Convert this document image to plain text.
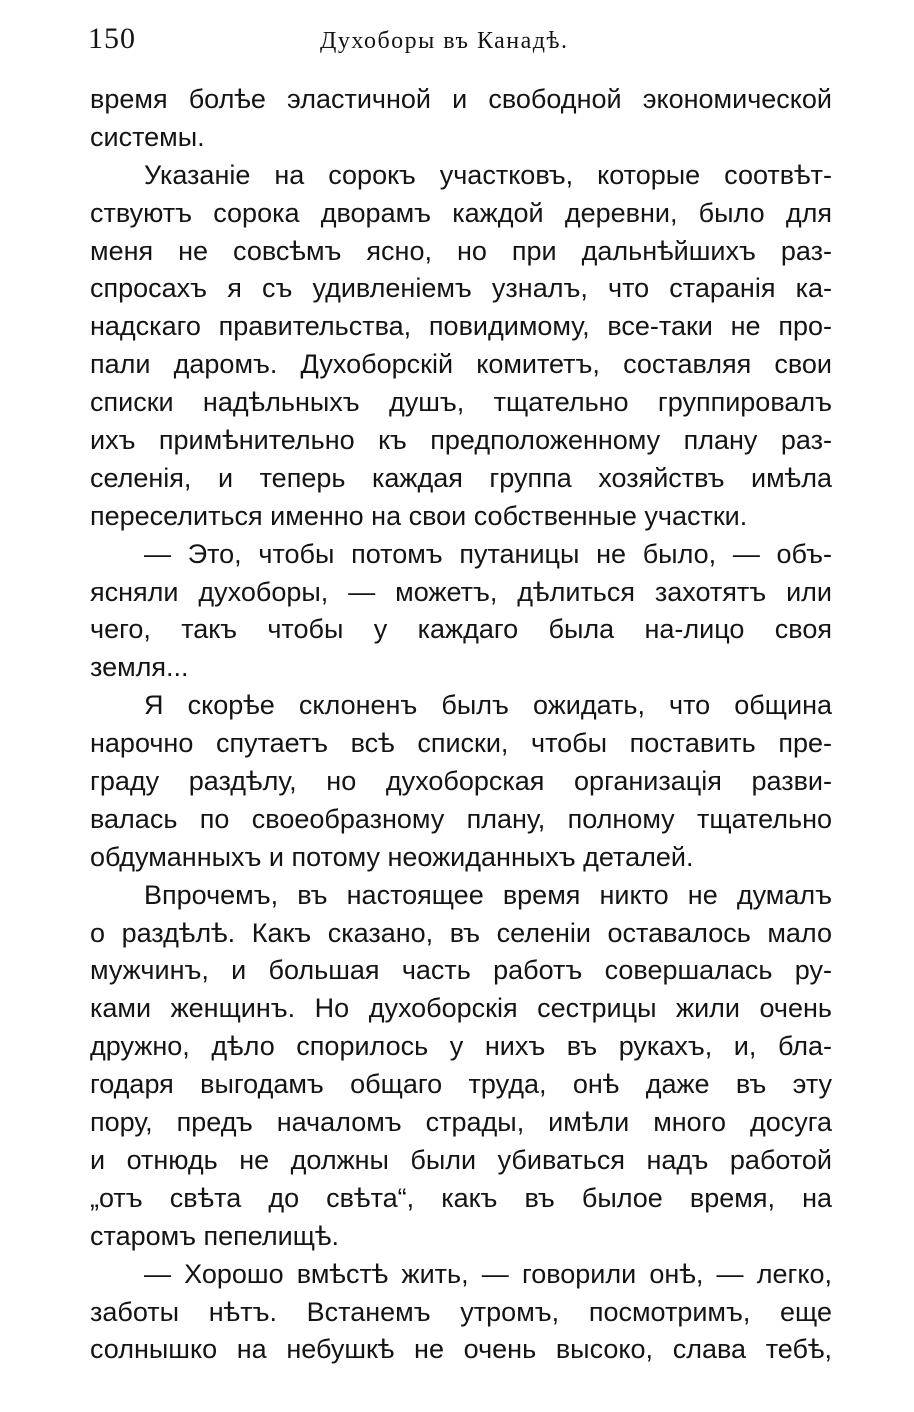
150	Духоборы въ Канадѣ.
время болѣе эластичной и свободной экономической
системы.
Указаніе на сорокъ участковъ, которые соотвѣт-
ствуютъ сорока дворамъ каждой деревни, было для
меня не совсѣмъ ясно, но при дальнѣйшихъ раз-
спросахъ я съ удивленіемъ узналъ, что старанія ка-
надскаго правительства, повидимому, все-таки не про-
пали даромъ. Духоборскій комитетъ, составляя свои
списки надѣльныхъ душъ, тщательно группировалъ
ихъ примѣнительно къ предположенному плану раз-
селенія, и теперь каждая группа хозяйствъ имѣла
переселиться именно на свои собственные участки.
— Это, чтобы потомъ путаницы не было, — объ-
ясняли духоборы, — можетъ, дѣлиться захотятъ или
чего, такъ чтобы у каждаго была на-лицо своя
земля...
Я скорѣе склоненъ былъ ожидать, что община
нарочно спутаетъ всѣ списки, чтобы поставить пре-
граду раздѣлу, но духоборская организація разви-
валась по своеобразному плану, полному тщательно
обдуманныхъ и потому неожиданныхъ деталей.
Впрочемъ, въ настоящее время никто не думалъ
о раздѣлѣ. Какъ сказано, въ селеніи оставалось мало
мужчинъ, и большая часть работъ совершалась ру-
ками женщинъ. Но духоборскія сестрицы жили очень
дружно, дѣло спорилось у нихъ въ рукахъ, и, бла-
годаря выгодамъ общаго труда, онѣ даже въ эту
пору, предъ началомъ страды, имѣли много досуга
и отнюдь не должны были убиваться надъ работой
„отъ свѣта до свѣта“, какъ въ былое время, на
старомъ пепелищѣ.
— Хорошо вмѣстѣ жить, — говорили онѣ, — легко,
заботы нѣтъ. Встанемъ утромъ, посмотримъ, еще
солнышко на небушкѣ не очень высоко, слава тебѣ,
